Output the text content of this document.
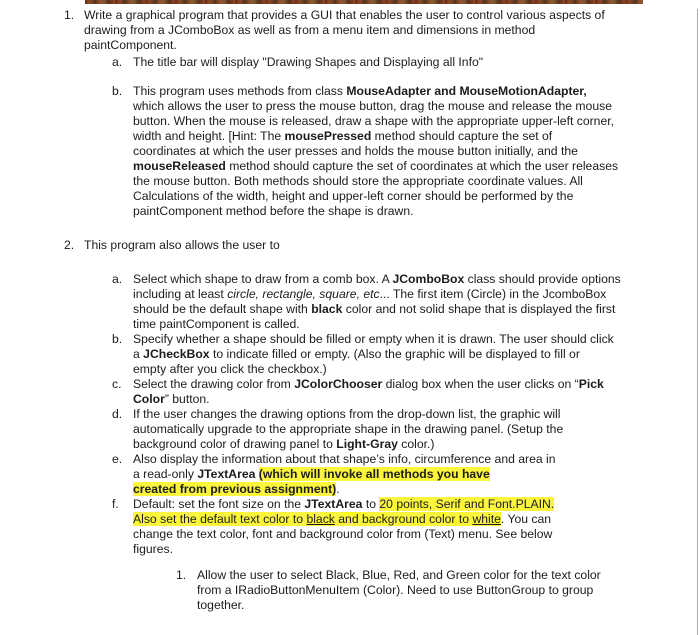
1. Write a graphical program that provides a GUI that enables the user to control various aspects of
drawing from a JComboBox as well as from a menu item and dimensions in method
paintComponent.
a. The title bar will display "Drawing Shapes and Displaying all Info"
b. This program uses methods from class MouseAdapter and MouseMotionAdapter,
which allows the user to press the mouse button, drag the mouse and release the mouse
button. When the mouse is released, draw a shape with the appropriate upper-left corner,
width and height. [Hint: The mousePressed method should capture the set of
coordinates at which the user presses and holds the mouse button initially, and the
mouseReleased method should capture the set of coordinates at which the user releases
the mouse button. Both methods should store the appropriate coordinate values. All
Calculations of the width, height and upper-left corner should be performed by the
paintComponent method before the shape is drawn.
2. This program also allows the user to
a. Select which shape to draw from a comb box. A JComboBox class should provide options
including at least circle, rectangle, square, etc... The first item (Circle) in the JcomboBox
should be the default shape with black color and not solid shape that is displayed the first
time paintComponent is called.
b. Specify whether a shape should be filled or empty when it is drawn. The user should click
a JCheckBox to indicate filled or empty. (Also the graphic will be displayed to fill or
empty after you click the checkbox.)
c. Select the drawing color from JColorChooser dialog box when the user clicks on “Pick
Color” button.
d. If the user changes the drawing options from the drop-down list, the graphic will
automatically upgrade to the appropriate shape in the drawing panel. (Setup the
background color of drawing panel to Light-Gray color.)
e. Also display the information about that shape’s info, circumference and area in
a read-only JTextArea (which will invoke all methods you have
created from previous assignment).
f. Default: set the font size on the JTextArea to 20 points, Serif and Font.PLAIN.
Also set the default text color to black and background color to white. You can
change the text color, font and background color from (Text) menu. See below
figures.
1. Allow the user to select Black, Blue, Red, and Green color for the text color
from a IRadioButtonMenuItem (Color). Need to use ButtonGroup to group
together.
